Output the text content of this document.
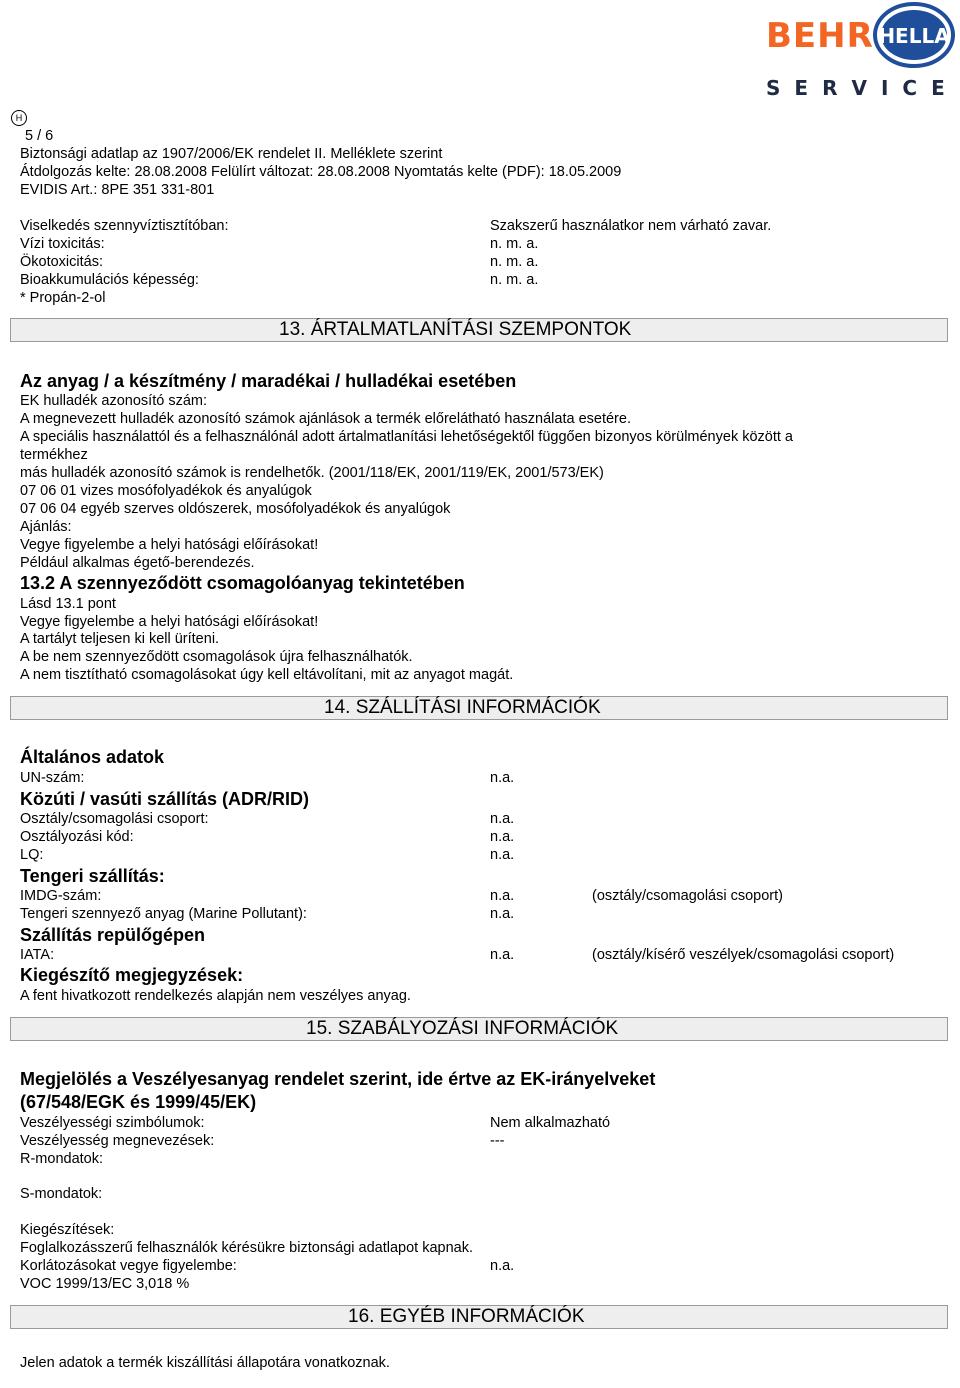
BEHR HELLA
SERVICE
H
5 / 6
Biztonsági adatlap az 1907/2006/EK rendelet II. Melléklete szerint
Átdolgozás kelte: 28.08.2008 Felülírt változat: 28.08.2008 Nyomtatás kelte (PDF): 18.05.2009
EVIDIS Art.: 8PE 351 331-801
Viselkedés szennyvíztisztítóban:	Szakszerű használatkor nem várható zavar.
Vízi toxicitás:	n. m. a.
Ökotoxicitás:	n. m. a.
Bioakkumulációs képesség:	n. m. a.
* Propán-2-ol
13. ÁRTALMATLANÍTÁSI SZEMPONTOK
Az anyag / a készítmény / maradékai / hulladékai esetében
EK hulladék azonosító szám:
A megnevezett hulladék azonosító számok ajánlások a termék előrelátható használata esetére.
A speciális használattól és a felhasználónál adott ártalmatlanítási lehetőségektől függően bizonyos körülmények között a
termékhez
más hulladék azonosító számok is rendelhetők. (2001/118/EK, 2001/119/EK, 2001/573/EK)
07 06 01 vizes mosófolyadékok és anyalúgok
07 06 04 egyéb szerves oldószerek, mosófolyadékok és anyalúgok
Ajánlás:
Vegye figyelembe a helyi hatósági előírásokat!
Például alkalmas égető-berendezés.
13.2 A szennyeződött csomagolóanyag tekintetében
Lásd 13.1 pont
Vegye figyelembe a helyi hatósági előírásokat!
A tartályt teljesen ki kell üríteni.
A be nem szennyeződött csomagolások újra felhasználhatók.
A nem tisztítható csomagolásokat úgy kell eltávolítani, mit az anyagot magát.
14. SZÁLLÍTÁSI INFORMÁCIÓK
Általános adatok
UN-szám:	n.a.
Közúti / vasúti szállítás (ADR/RID)
Osztály/csomagolási csoport:	n.a.
Osztályozási kód:	n.a.
LQ:	n.a.
Tengeri szállítás:
IMDG-szám:	n.a.	(osztály/csomagolási csoport)
Tengeri szennyező anyag (Marine Pollutant):	n.a.
Szállítás repülőgépen
IATA:	n.a.	(osztály/kísérő veszélyek/csomagolási csoport)
Kiegészítő megjegyzések:
A fent hivatkozott rendelkezés alapján nem veszélyes anyag.
15. SZABÁLYOZÁSI INFORMÁCIÓK
Megjelölés a Veszélyesanyag rendelet szerint, ide értve az EK-irányelveket
(67/548/EGK és 1999/45/EK)
Veszélyességi szimbólumok:	Nem alkalmazható
Veszélyesség megnevezések:	---
R-mondatok:
S-mondatok:
Kiegészítések:
Foglalkozásszerű felhasználók kérésükre biztonsági adatlapot kapnak.
Korlátozásokat vegye figyelembe:	n.a.
VOC 1999/13/EC 3,018 %
16. EGYÉB INFORMÁCIÓK
Jelen adatok a termék kiszállítási állapotára vonatkoznak.
